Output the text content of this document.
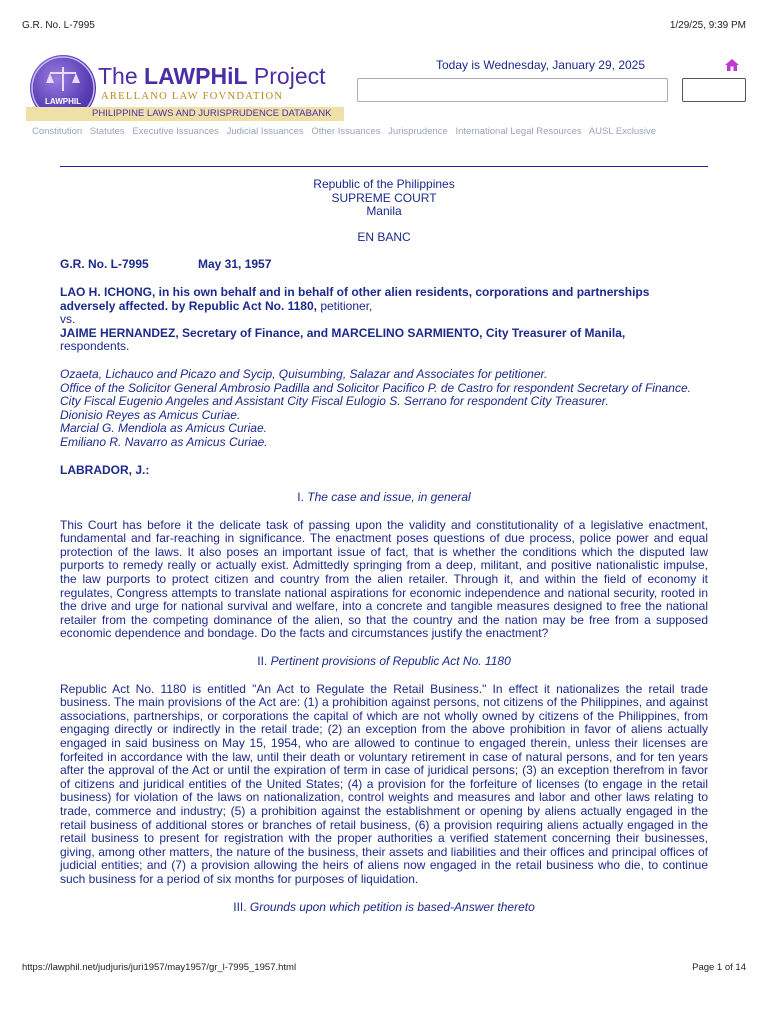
G.R. No. L-7995	1/29/25, 9:39 PM
LAWPHIL
The LAWPHiL Project
ARELLANO LAW FOVNDATION
PHILIPPINE LAWS AND JURISPRUDENCE DATABANK
Today is Wednesday, January 29, 2025
Constitution Statutes Executive Issuances Judicial Issuances Other Issuances Jurisprudence International Legal Resources AUSL Exclusive

Republic of the Philippines

SUPREME COURT

Manila

EN BANC

G.R. No. L-7995	May 31, 1957

LAO H. ICHONG, in his own behalf and in behalf of other alien residents, corporations and partnerships adversely affected. by Republic Act No. 1180, petitioner,

vs.

JAIME HERNANDEZ, Secretary of Finance, and MARCELINO SARMIENTO, City Treasurer of Manila,

respondents.

Ozaeta, Lichauco and Picazo and Sycip, Quisumbing, Salazar and Associates for petitioner.

Office of the Solicitor General Ambrosio Padilla and Solicitor Pacifico P. de Castro for respondent Secretary of Finance.

City Fiscal Eugenio Angeles and Assistant City Fiscal Eulogio S. Serrano for respondent City Treasurer.

Dionisio Reyes as Amicus Curiae.

Marcial G. Mendiola as Amicus Curiae.

Emiliano R. Navarro as Amicus Curiae.

LABRADOR, J.:

I. The case and issue, in general

This Court has before it the delicate task of passing upon the validity and constitutionality of a legislative enactment, fundamental and far-reaching in significance. The enactment poses questions of due process, police power and equal protection of the laws. It also poses an important issue of fact, that is whether the conditions which the disputed law purports to remedy really or actually exist. Admittedly springing from a deep, militant, and positive nationalistic impulse, the law purports to protect citizen and country from the alien retailer. Through it, and within the field of economy it regulates, Congress attempts to translate national aspirations for economic independence and national security, rooted in the drive and urge for national survival and welfare, into a concrete and tangible measures designed to free the national retailer from the competing dominance of the alien, so that the country and the nation may be free from a supposed economic dependence and bondage. Do the facts and circumstances justify the enactment?

II. Pertinent provisions of Republic Act No. 1180

Republic Act No. 1180 is entitled "An Act to Regulate the Retail Business." In effect it nationalizes the retail trade business. The main provisions of the Act are: (1) a prohibition against persons, not citizens of the Philippines, and against associations, partnerships, or corporations the capital of which are not wholly owned by citizens of the Philippines, from engaging directly or indirectly in the retail trade; (2) an exception from the above prohibition in favor of aliens actually engaged in said business on May 15, 1954, who are allowed to continue to engaged therein, unless their licenses are forfeited in accordance with the law, until their death or voluntary retirement in case of natural persons, and for ten years after the approval of the Act or until the expiration of term in case of juridical persons; (3) an exception therefrom in favor of citizens and juridical entities of the United States; (4) a provision for the forfeiture of licenses (to engage in the retail business) for violation of the laws on nationalization, control weights and measures and labor and other laws relating to trade, commerce and industry; (5) a prohibition against the establishment or opening by aliens actually engaged in the retail business of additional stores or branches of retail business, (6) a provision requiring aliens actually engaged in the retail business to present for registration with the proper authorities a verified statement concerning their businesses, giving, among other matters, the nature of the business, their assets and liabilities and their offices and principal offices of judicial entities; and (7) a provision allowing the heirs of aliens now engaged in the retail business who die, to continue such business for a period of six months for purposes of liquidation.

III. Grounds upon which petition is based-Answer thereto

https://lawphil.net/judjuris/juri1957/may1957/gr_l-7995_1957.html	Page 1 of 14
